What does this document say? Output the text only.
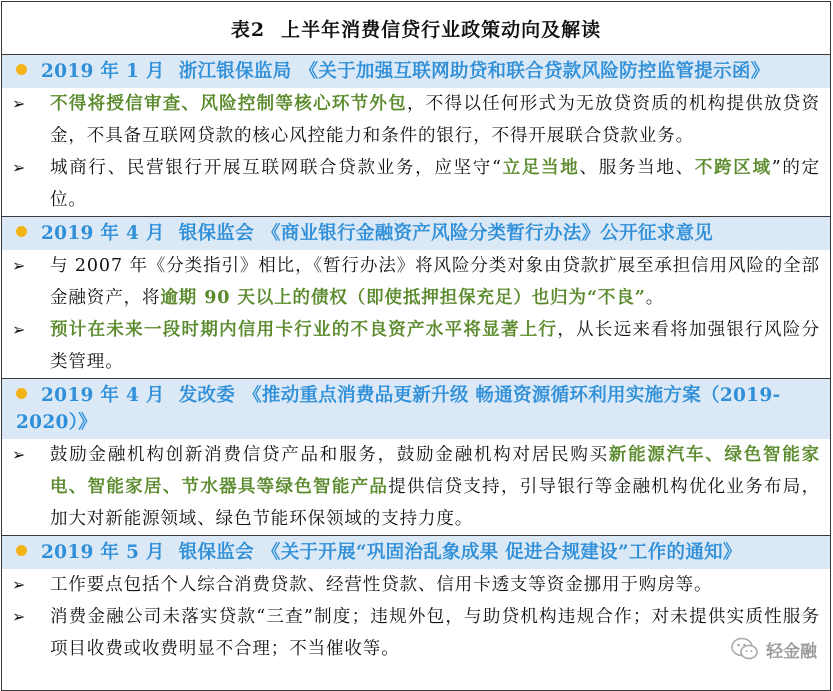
表2 上半年消费信贷行业政策动向及解读
2019 年 1 月 浙江银保监局 《关于加强互联网助贷和联合贷款风险防控监管提示函》
➢	不得将授信审查、风险控制等核心环节外包，不得以任何形式为无放贷资质的机构提供放贷资金，不具备互联网贷款的核心风控能力和条件的银行，不得开展联合贷款业务。
➢	城商行、民营银行开展互联网联合贷款业务，应坚守“立足当地、服务当地、不跨区域”的定位。
2019 年 4 月 银保监会 《商业银行金融资产风险分类暂行办法》公开征求意见
➢	与 2007 年《分类指引》相比，《暂行办法》将风险分类对象由贷款扩展至承担信用风险的全部金融资产，将逾期 90 天以上的债权（即使抵押担保充足）也归为“不良”。
➢	预计在未来一段时期内信用卡行业的不良资产水平将显著上行，从长远来看将加强银行风险分类管理。
2019 年 4 月 发改委 《推动重点消费品更新升级 畅通资源循环利用实施方案（2019-2020）》
➢	鼓励金融机构创新消费信贷产品和服务，鼓励金融机构对居民购买新能源汽车、绿色智能家电、智能家居、节水器具等绿色智能产品提供信贷支持，引导银行等金融机构优化业务布局，加大对新能源领域、绿色节能环保领域的支持力度。
2019 年 5 月 银保监会 《关于开展“巩固治乱象成果 促进合规建设”工作的通知》
➢	工作要点包括个人综合消费贷款、经营性贷款、信用卡透支等资金挪用于购房等。
➢	消费金融公司未落实贷款“三查”制度；违规外包，与助贷机构违规合作；对未提供实质性服务项目收费或收费明显不合理；不当催收等。	轻金融
